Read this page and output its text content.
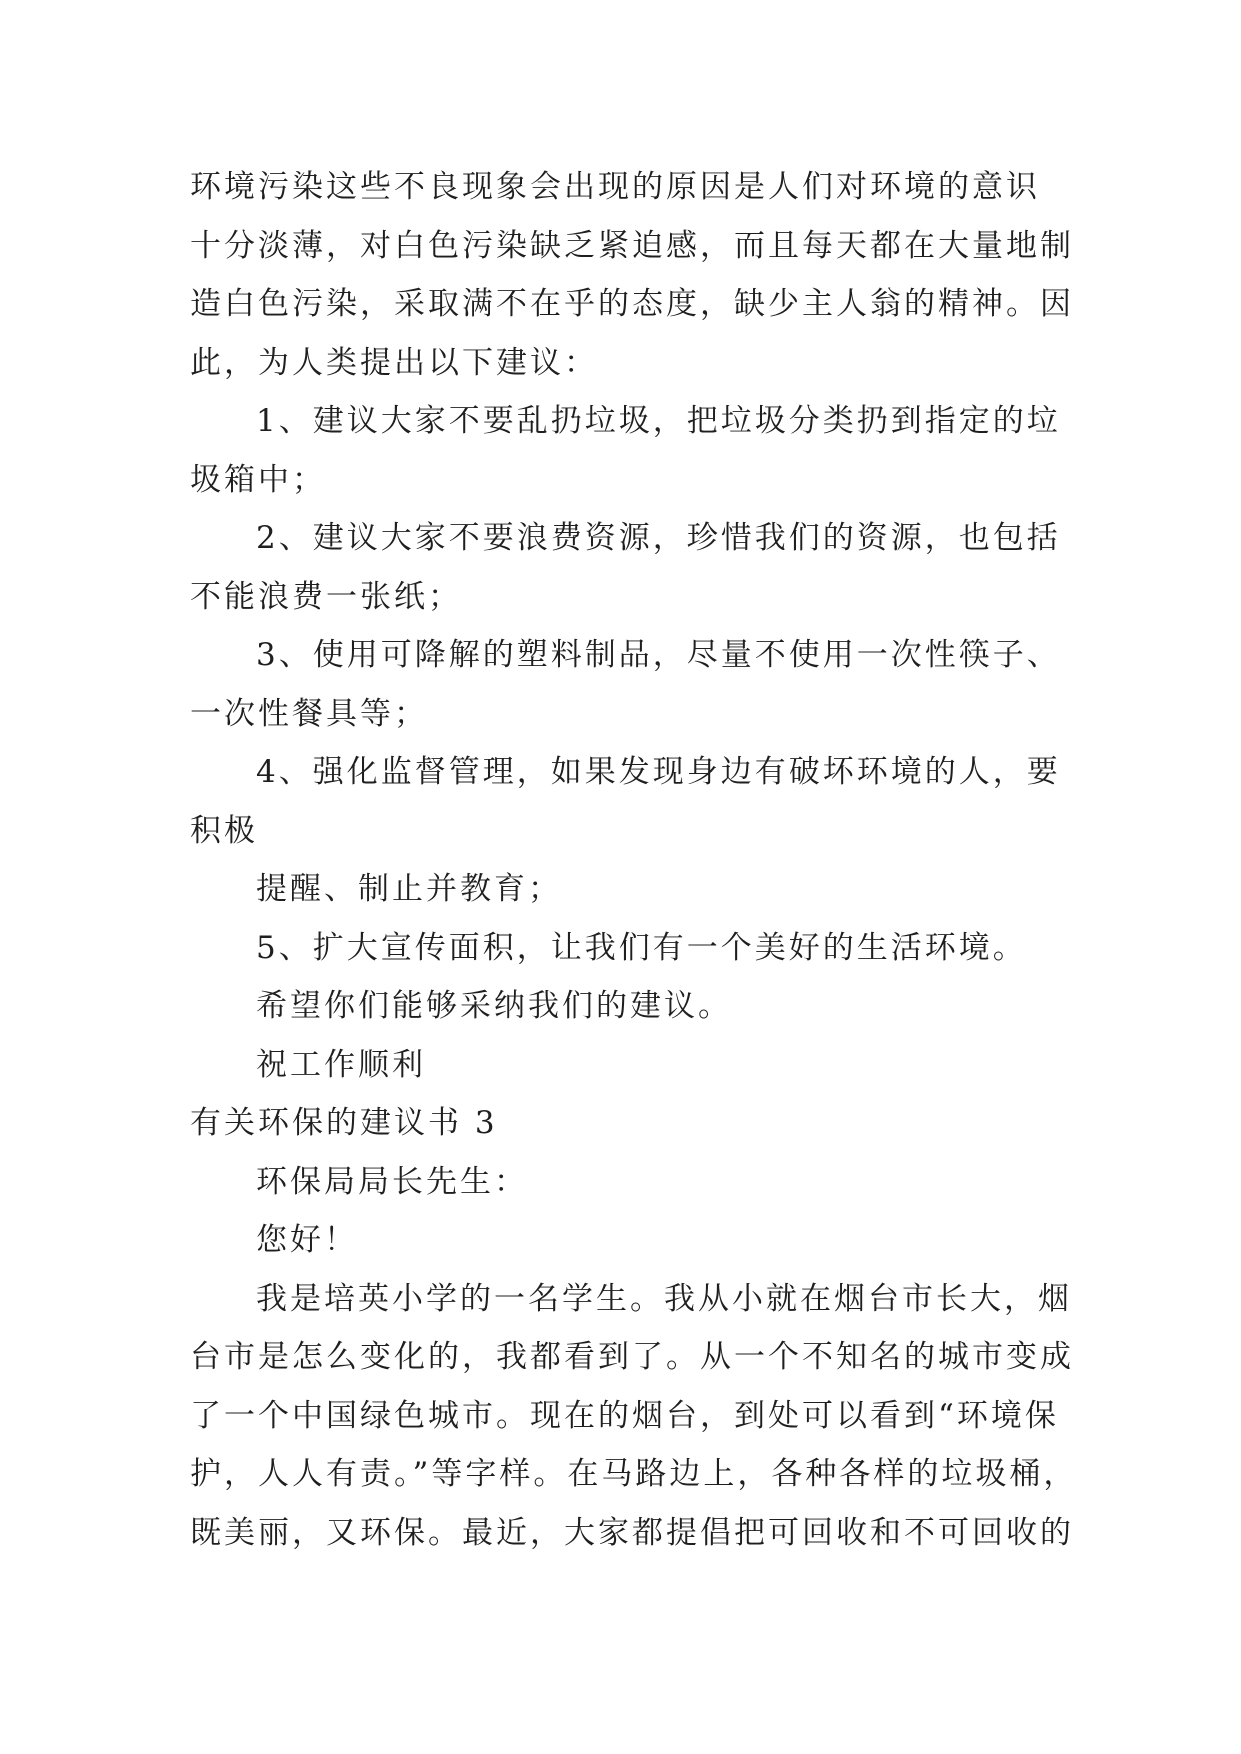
环境污染这些不良现象会出现的原因是人们对环境的意识
十分淡薄，对白色污染缺乏紧迫感，而且每天都在大量地制
造白色污染，采取满不在乎的态度，缺少主人翁的精神。因
此，为人类提出以下建议：
1、建议大家不要乱扔垃圾，把垃圾分类扔到指定的垃
圾箱中；
2、建议大家不要浪费资源，珍惜我们的资源，也包括
不能浪费一张纸；
3、使用可降解的塑料制品，尽量不使用一次性筷子、
一次性餐具等；
4、强化监督管理，如果发现身边有破坏环境的人，要
积极
提醒、制止并教育；
5、扩大宣传面积，让我们有一个美好的生活环境。
希望你们能够采纳我们的建议。
祝工作顺利
有关环保的建议书 3
环保局局长先生：
您好！
我是培英小学的一名学生。我从小就在烟台市长大，烟
台市是怎么变化的，我都看到了。从一个不知名的城市变成
了一个中国绿色城市。现在的烟台，到处可以看到“环境保
护，人人有责。”等字样。在马路边上，各种各样的垃圾桶，
既美丽，又环保。最近，大家都提倡把可回收和不可回收的
